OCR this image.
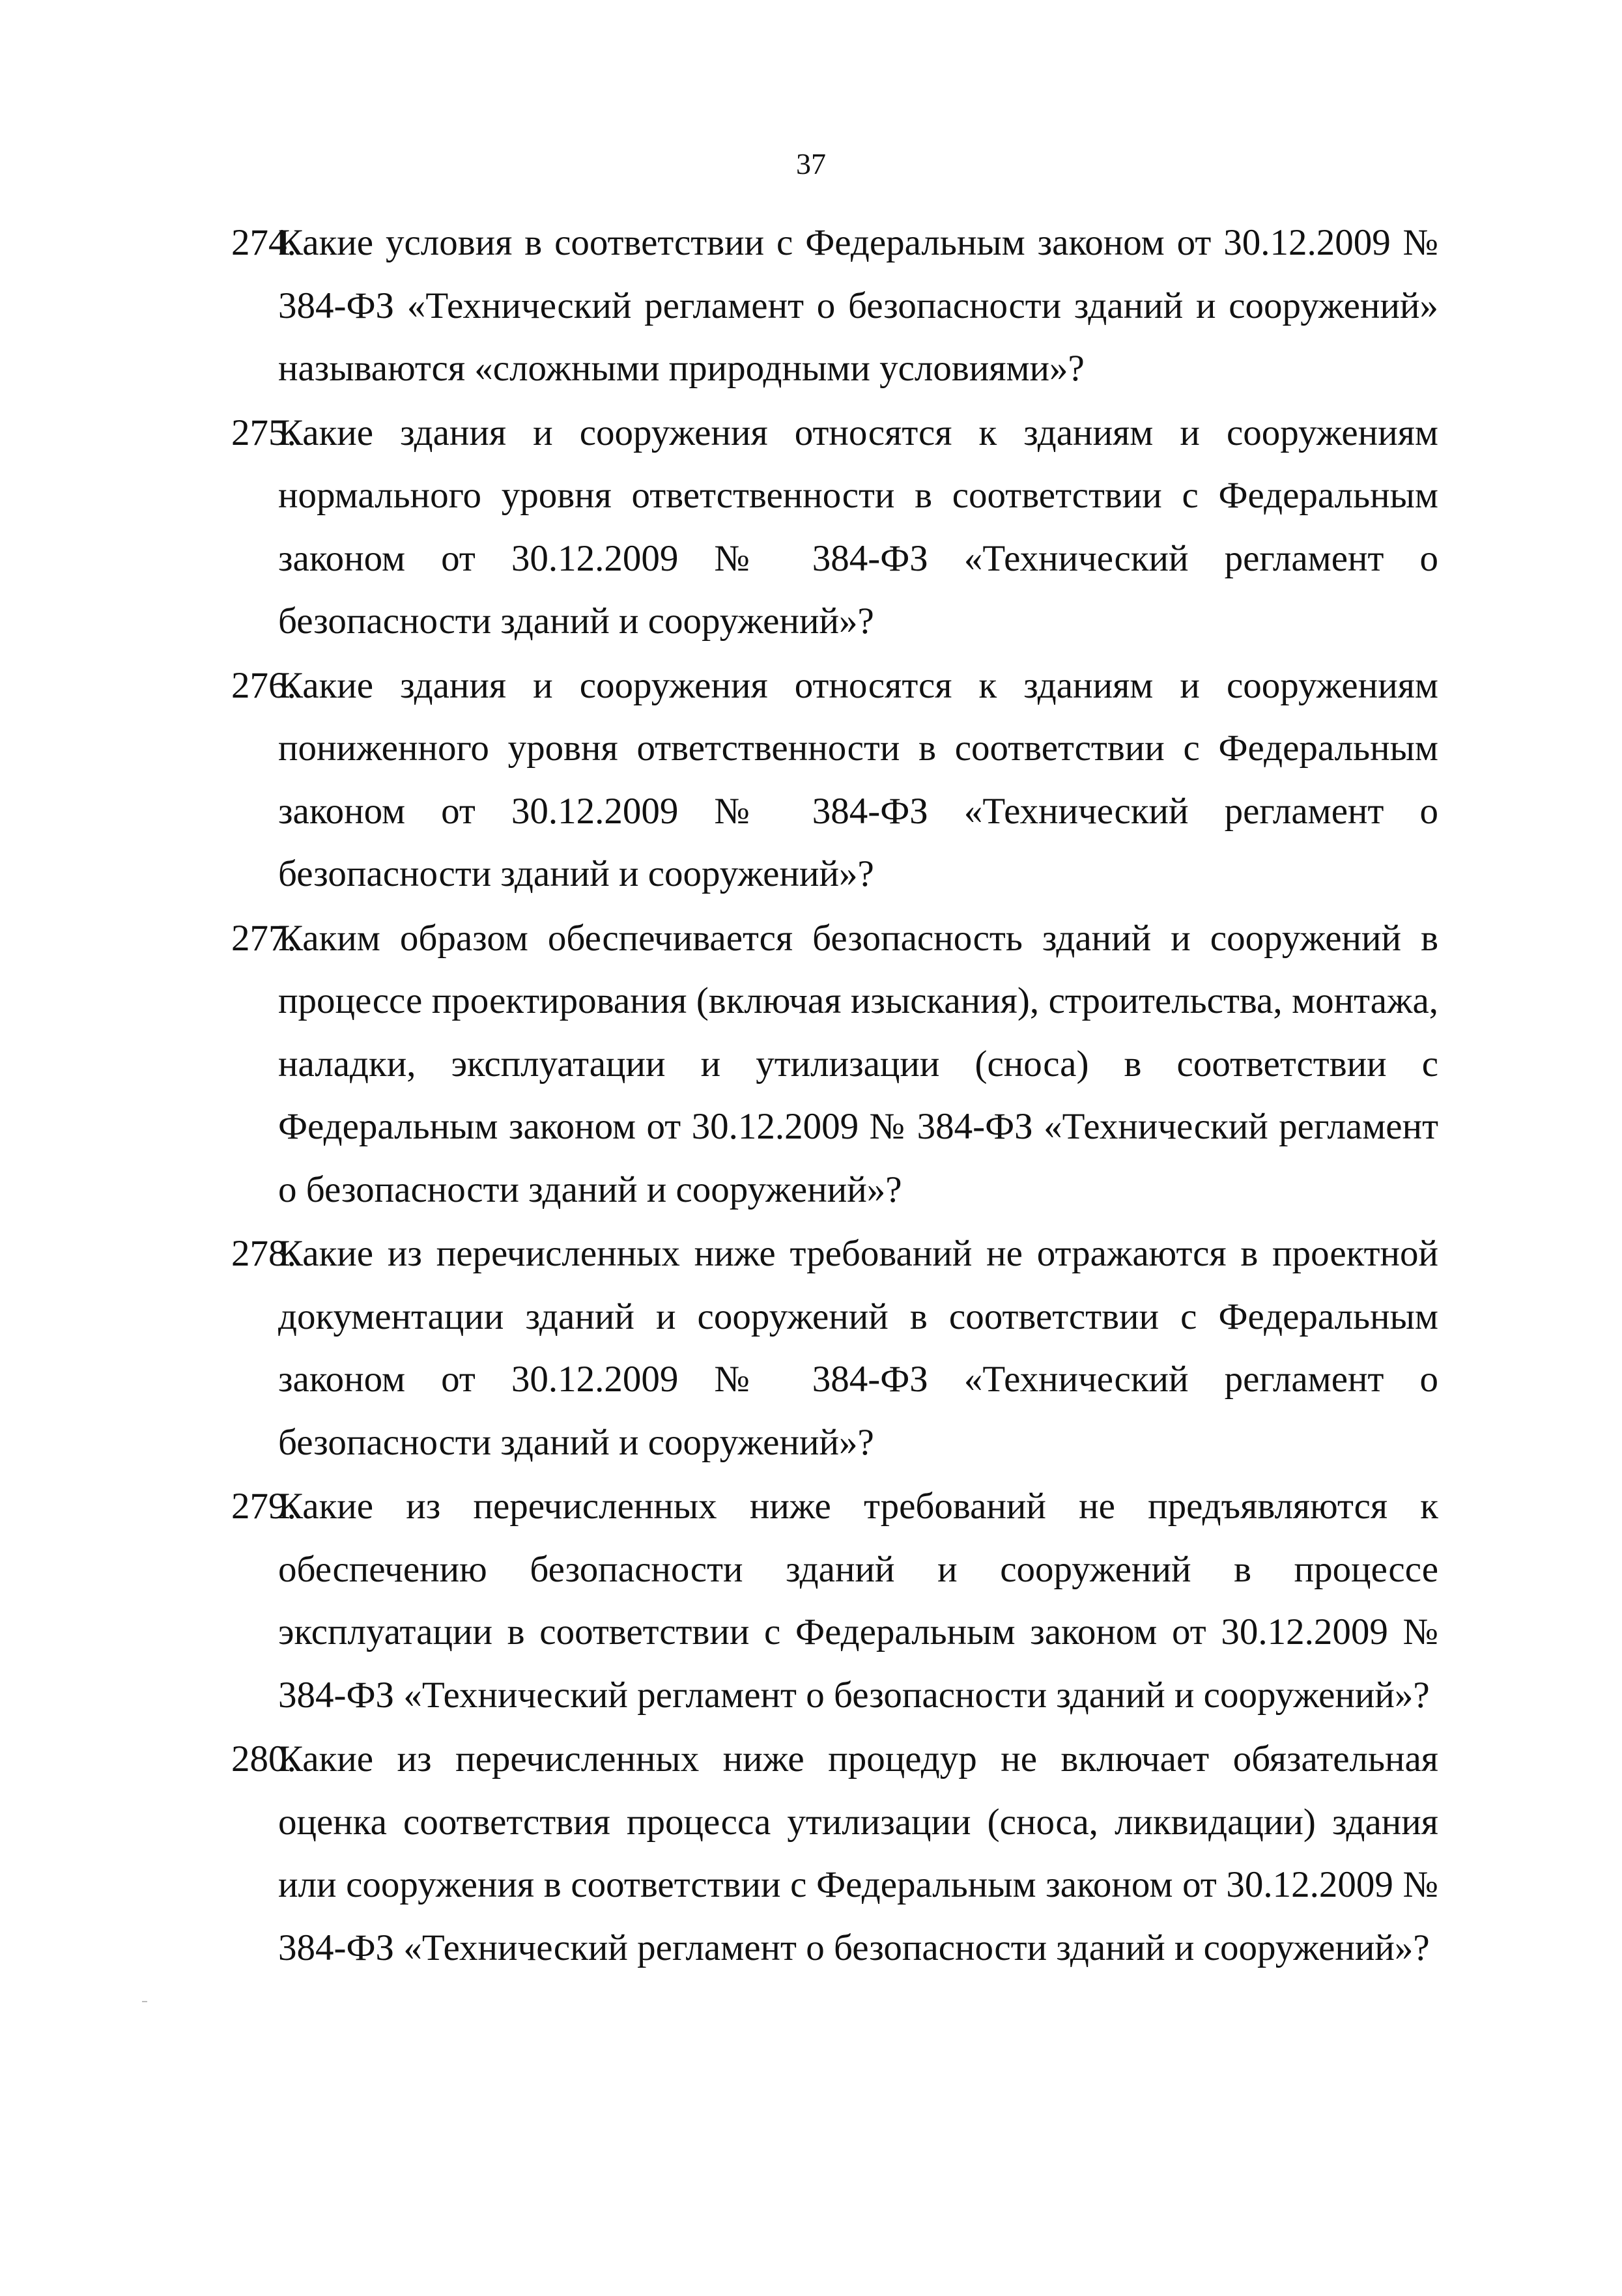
37
274.
Какие условия в соответствии с Федеральным законом от 30.12.2009 № 384-ФЗ «Технический регламент о безопасности зданий и сооружений» называются «сложными природными условиями»?
275.
Какие здания и сооружения относятся к зданиям и сооружениям нормального уровня ответственности в соответствии с Федеральным законом от 30.12.2009 № 384-ФЗ «Технический регламент о безопасности зданий и сооружений»?
276.
Какие здания и сооружения относятся к зданиям и сооружениям пониженного уровня ответственности в соответствии с Федеральным законом от 30.12.2009 № 384-ФЗ «Технический регламент о безопасности зданий и сооружений»?
277.
Каким образом обеспечивается безопасность зданий и сооружений в процессе проектирования (включая изыскания), строительства, монтажа, наладки, эксплуатации и утилизации (сноса) в соответствии с Федеральным законом от 30.12.2009 № 384-ФЗ «Технический регламент о безопасности зданий и сооружений»?
278.
Какие из перечисленных ниже требований не отражаются в проектной документации зданий и сооружений в соответствии с Федеральным законом от 30.12.2009 № 384-ФЗ «Технический регламент о безопасности зданий и сооружений»?
279.
Какие из перечисленных ниже требований не предъявляются к обеспечению безопасности зданий и сооружений в процессе эксплуатации в соответствии с Федеральным законом от 30.12.2009 № 384-ФЗ «Технический регламент о безопасности зданий и сооружений»?
280.
Какие из перечисленных ниже процедур не включает обязательная оценка соответствия процесса утилизации (сноса, ликвидации) здания или сооружения в соответствии с Федеральным законом от 30.12.2009 № 384-ФЗ «Технический регламент о безопасности зданий и сооружений»?
